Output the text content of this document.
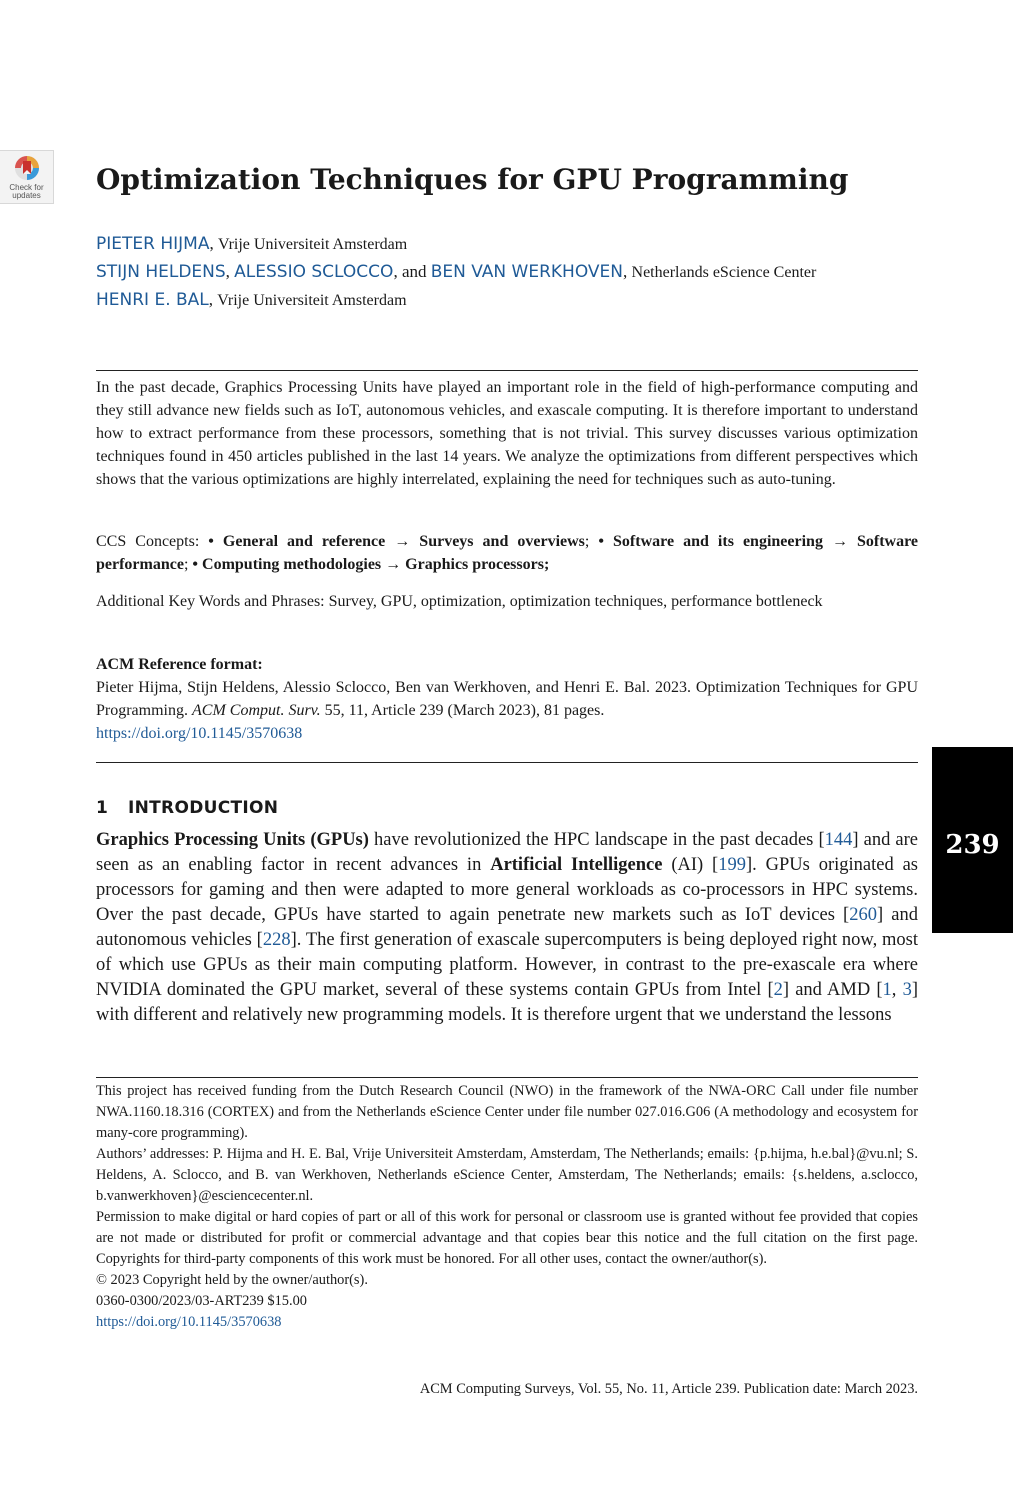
Check for
updates	Optimization Techniques for GPU Programming
PIETER HIJMA, Vrije Universiteit Amsterdam
STIJN HELDENS, ALESSIO SCLOCCO, and BEN VAN WERKHOVEN, Netherlands eScience Center
HENRI E. BAL, Vrije Universiteit Amsterdam

In the past decade, Graphics Processing Units have played an important role in the field of high-performance computing and they still advance new fields such as IoT, autonomous vehicles, and exascale computing. It is therefore important to understand how to extract performance from these processors, something that is not trivial. This survey discusses various optimization techniques found in 450 articles published in the last 14 years. We analyze the optimizations from different perspectives which shows that the various optimizations are highly interrelated, explaining the need for techniques such as auto-tuning.

CCS Concepts: • General and reference → Surveys and overviews; • Software and its engineering → Software performance; • Computing methodologies → Graphics processors;

Additional Key Words and Phrases: Survey, GPU, optimization, optimization techniques, performance bottleneck

ACM Reference format:

Pieter Hijma, Stijn Heldens, Alessio Sclocco, Ben van Werkhoven, and Henri E. Bal. 2023. Optimization Techniques for GPU Programming. ACM Comput. Surv. 55, 11, Article 239 (March 2023), 81 pages.

https://doi.org/10.1145/3570638
1 INTRODUCTION

Graphics Processing Units (GPUs) have revolutionized the HPC landscape in the past decades [144] and are seen as an enabling factor in recent advances in Artificial Intelligence (AI) [199]. GPUs originated as processors for gaming and then were adapted to more general workloads as co-processors in HPC systems. Over the past decade, GPUs have started to again penetrate new markets such as IoT devices [260] and autonomous vehicles [228]. The first generation of exascale supercomputers is being deployed right now, most of which use GPUs as their main computing platform. However, in contrast to the pre-exascale era where NVIDIA dominated the GPU market, several of these systems contain GPUs from Intel [2] and AMD [1, 3] with different and relatively new programming models. It is therefore urgent that we understand the lessons

239

This project has received funding from the Dutch Research Council (NWO) in the framework of the NWA-ORC Call under file number NWA.1160.18.316 (CORTEX) and from the Netherlands eScience Center under file number 027.016.G06 (A methodology and ecosystem for many-core programming).

Authors’ addresses: P. Hijma and H. E. Bal, Vrije Universiteit Amsterdam, Amsterdam, The Netherlands; emails: {p.hijma, h.e.bal}@vu.nl; S. Heldens, A. Sclocco, and B. van Werkhoven, Netherlands eScience Center, Amsterdam, The Netherlands; emails: {s.heldens, a.sclocco, b.vanwerkhoven}@esciencecenter.nl.

Permission to make digital or hard copies of part or all of this work for personal or classroom use is granted without fee provided that copies are not made or distributed for profit or commercial advantage and that copies bear this notice and the full citation on the first page. Copyrights for third-party components of this work must be honored. For all other uses, contact the owner/author(s).

© 2023 Copyright held by the owner/author(s).

0360-0300/2023/03-ART239 $15.00

https://doi.org/10.1145/3570638

ACM Computing Surveys, Vol. 55, No. 11, Article 239. Publication date: March 2023.
